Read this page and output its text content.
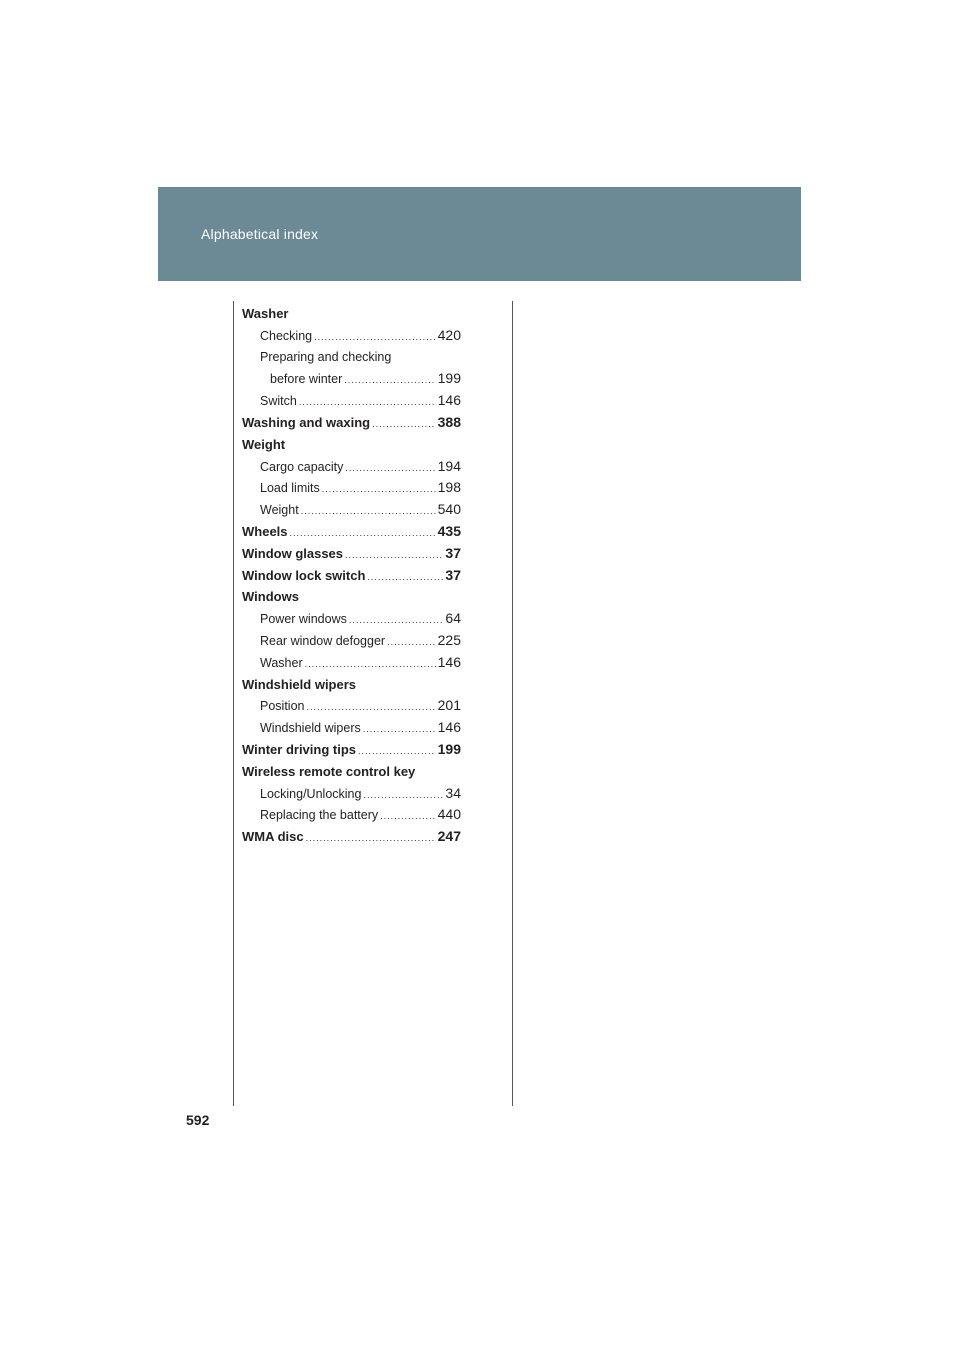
Alphabetical index
Washer
Checking .....	420
Preparing and checking
before winter .....	199
Switch .....	146
Washing and waxing .....	388
Weight
Cargo capacity .....	194
Load limits .....	198
Weight .....	540
Wheels .....	435
Window glasses .....	37
Window lock switch .....	37
Windows
Power windows .....	64
Rear window defogger .....	225
Washer .....	146
Windshield wipers
Position .....	201
Windshield wipers .....	146
Winter driving tips .....	199
Wireless remote control key
Locking/Unlocking .....	34
Replacing the battery .....	440
WMA disc .....	247
592
